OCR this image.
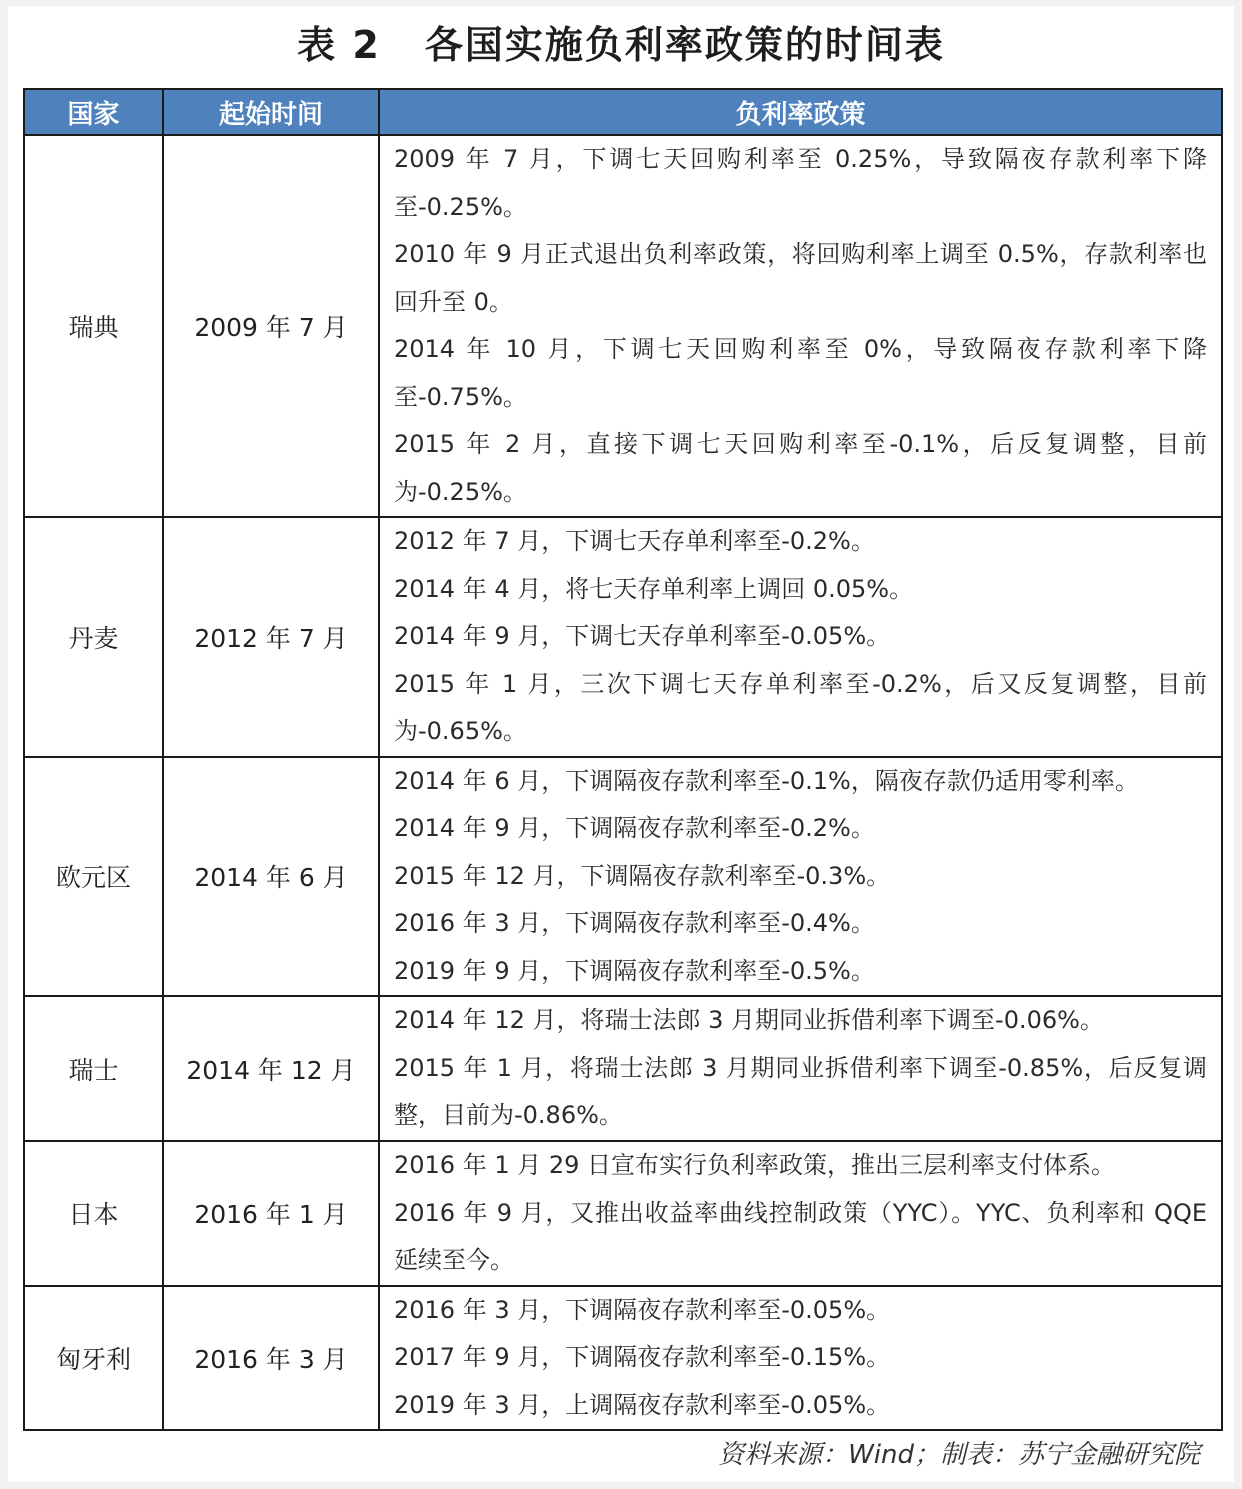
表 2 各国实施负利率政策的时间表
国家	起始时间	负利率政策
瑞典	2009 年 7 月	2009 年 7 月，下调七天回购利率至 0.25%，导致隔夜存款利率下降至-0.25%。
2010 年 9 月正式退出负利率政策，将回购利率上调至 0.5%，存款利率也回升至 0。
2014 年 10 月，下调七天回购利率至 0%，导致隔夜存款利率下降至-0.75%。
2015 年 2 月，直接下调七天回购利率至-0.1%，后反复调整，目前为-0.25%。

丹麦	2012 年 7 月	2012 年 7 月，下调七天存单利率至-0.2%。
2014 年 4 月，将七天存单利率上调回 0.05%。
2014 年 9 月，下调七天存单利率至-0.05%。
2015 年 1 月，三次下调七天存单利率至-0.2%，后又反复调整，目前为-0.65%。

欧元区	2014 年 6 月	2014 年 6 月，下调隔夜存款利率至-0.1%，隔夜存款仍适用零利率。
2014 年 9 月，下调隔夜存款利率至-0.2%。
2015 年 12 月，下调隔夜存款利率至-0.3%。
2016 年 3 月，下调隔夜存款利率至-0.4%。
2019 年 9 月，下调隔夜存款利率至-0.5%。

瑞士	2014 年 12 月	2014 年 12 月，将瑞士法郎 3 月期同业拆借利率下调至-0.06%。
2015 年 1 月，将瑞士法郎 3 月期同业拆借利率下调至-0.85%，后反复调整，目前为-0.86%。

日本	2016 年 1 月	2016 年 1 月 29 日宣布实行负利率政策，推出三层利率支付体系。
2016 年 9 月，又推出收益率曲线控制政策（YYC）。YYC、负利率和 QQE 延续至今。

匈牙利	2016 年 3 月	2016 年 3 月，下调隔夜存款利率至-0.05%。
2017 年 9 月，下调隔夜存款利率至-0.15%。
2019 年 3 月，上调隔夜存款利率至-0.05%。
资料来源：Wind；制表：苏宁金融研究院
